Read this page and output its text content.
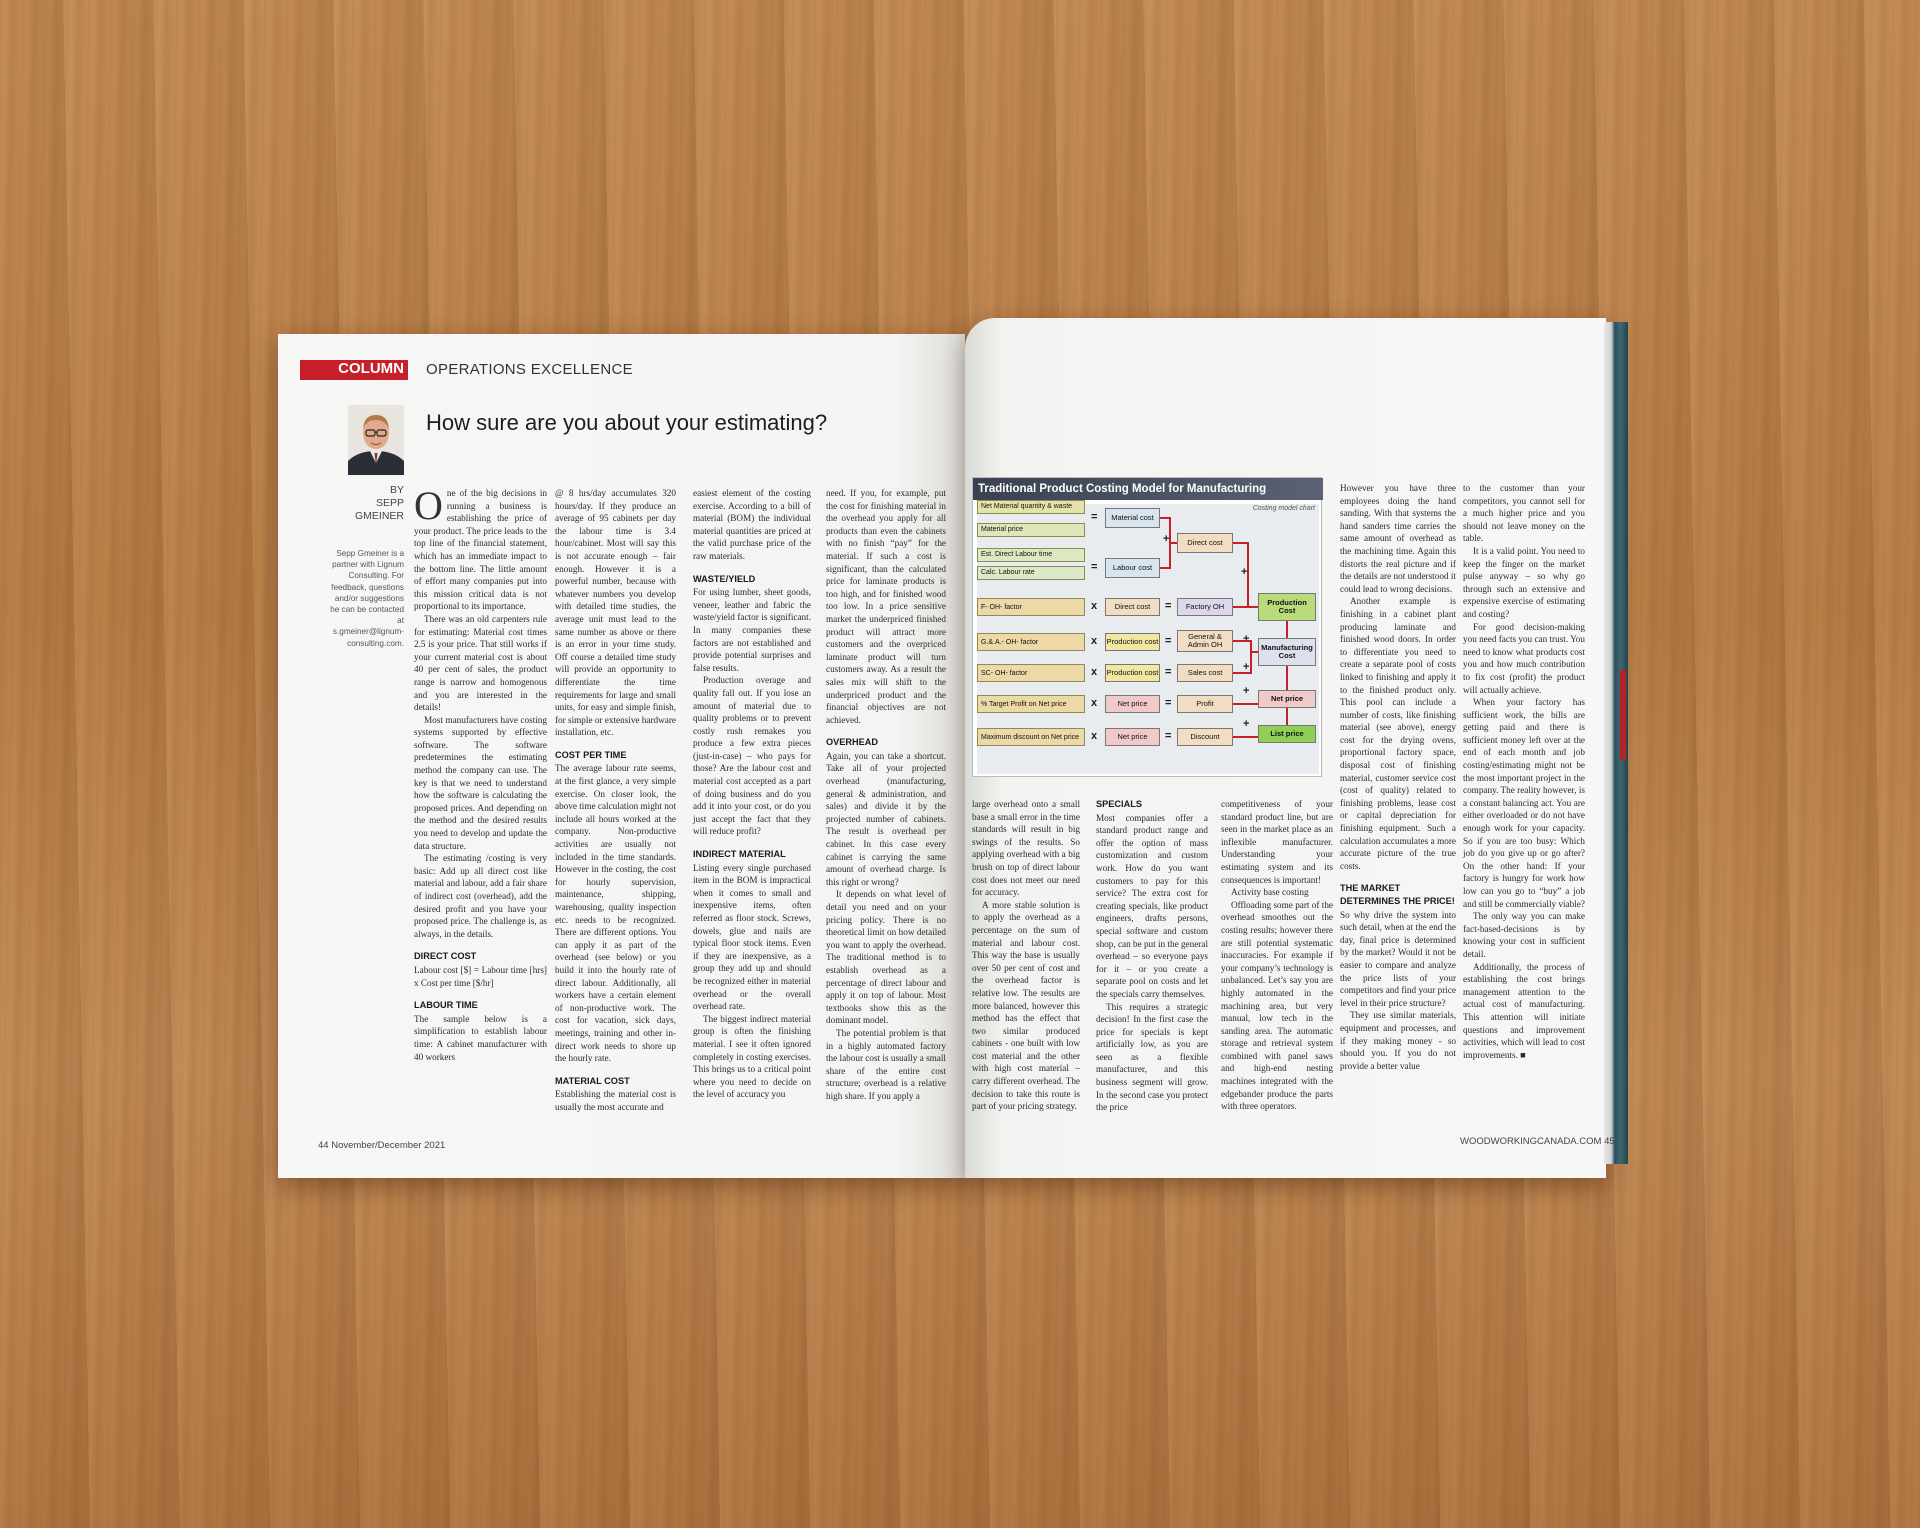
COLUMN OPERATIONS EXCELLENCE
How sure are you about your estimating?
BY
SEPP
GMEINER
Sepp Gmeiner is a partner with Lignum Consulting. For feedback, questions and/or suggestions he can be contacted at s.gmeiner@lignum-consulting.com.

One of the big decisions in running a business is establishing the price of your product. The price leads to the top line of the financial statement, which has an immediate impact to the bottom line. The little amount of effort many companies put into this mission critical data is not proportional to its importance.

There was an old carpenters rule for estimating: Material cost times 2.5 is your price. That still works if your current material cost is about 40 per cent of sales, the product range is narrow and homogenous and you are interested in the details!

Most manufacturers have costing systems supported by effective software. The software predetermines the estimating method the company can use. The key is that we need to understand how the software is calculating the proposed prices. And depending on the method and the desired results you need to develop and update the data structure.

The estimating /costing is very basic: Add up all direct cost like material and labour, add a fair share of indirect cost (overhead), add the desired profit and you have your proposed price. The challenge is, as always, in the details.

DIRECT COST

Labour cost [$] = Labour time [hrs] x Cost per time [$/hr]

LABOUR TIME

The sample below is a simplification to establish labour time: A cabinet manufacturer with 40 workers

@ 8 hrs/day accumulates 320 hours/day. If they produce an average of 95 cabinets per day the labour time is 3.4 hour/cabinet. Most will say this is not accurate enough – fair enough. However it is a powerful number, because with whatever numbers you develop with detailed time studies, the average unit must lead to the same number as above or there is an error in your time study. Off course a detailed time study will provide an opportunity to differentiate the time requirements for large and small units, for easy and simple finish, for simple or extensive hardware installation, etc.

COST PER TIME

The average labour rate seems, at the first glance, a very simple exercise. On closer look, the above time calculation might not include all hours worked at the company. Non-productive activities are usually not included in the time standards. However in the costing, the cost for hourly supervision, maintenance, shipping, warehousing, quality inspection etc. needs to be recognized. There are different options. You can apply it as part of the overhead (see below) or you build it into the hourly rate of direct labour. Additionally, all workers have a certain element of non-productive work. The cost for vacation, sick days, meetings, training and other in-direct work needs to shore up the hourly rate.

MATERIAL COST

Establishing the material cost is usually the most accurate and

easiest element of the costing exercise. According to a bill of material (BOM) the individual material quantities are priced at the valid purchase price of the raw materials.

WASTE/YIELD

For using lumber, sheet goods, veneer, leather and fabric the waste/yield factor is significant. In many companies these factors are not established and provide potential surprises and false results.

Production overage and quality fall out. If you lose an amount of material due to quality problems or to prevent costly rush remakes you produce a few extra pieces (just-in-case) – who pays for those? Are the labour cost and material cost accepted as a part of doing business and do you add it into your cost, or do you just accept the fact that they will reduce profit?

INDIRECT MATERIAL

Listing every single purchased item in the BOM is impractical when it comes to small and inexpensive items, often referred as floor stock. Screws, dowels, glue and nails are typical floor stock items. Even if they are inexpensive, as a group they add up and should be recognized either in material overhead or the overall overhead rate.

The biggest indirect material group is often the finishing material. I see it often ignored completely in costing exercises. This brings us to a critical point where you need to decide on the level of accuracy you

need. If you, for example, put the cost for finishing material in the overhead you apply for all products than even the cabinets with no finish “pay” for the material. If such a cost is significant, than the calculated price for laminate products is too high, and for finished wood too low. In a price sensitive market the underpriced finished product will attract more customers and the overpriced laminate product will turn customers away. As a result the sales mix will shift to the underpriced product and the financial objectives are not achieved.

OVERHEAD

Again, you can take a shortcut. Take all of your projected overhead (manufacturing, general & administration, and sales) and divide it by the projected number of cabinets. The result is overhead per cabinet. In this case every cabinet is carrying the same amount of overhead charge. Is this right or wrong?

It depends on what level of detail you need and on your pricing policy. There is no theoretical limit on how detailed you want to apply the overhead. The traditional method is to establish overhead as a percentage of direct labour and apply it on top of labour. Most textbooks show this as the dominant model.

The potential problem is that in a highly automated factory the labour cost is usually a small share of the entire cost structure; overhead is a relative high share. If you apply a

44 November/December 2021
Traditional Product Costing Model for Manufacturing
Costing model chart
Net Material quantity & waste
Material price
Est. Direct Labour time
Calc. Labour rate
F- OH- factor
G.&.A.- OH- factor
SC- OH- factor
% Target Profit on Net price
Maximum discount on Net price
Material cost
Labour cost
Direct cost
Direct cost	Factory OH
Production cost
General & Admin OH
Production cost	Sales cost
Net price	Profit
Net price	Discount
Production Cost
Manufacturing Cost
Net price
List price
=
=
+
+
x	=
x	=
x	=
x	=
x	=
+
+
+
+

large overhead onto a small base a small error in the time standards will result in big swings of the results. So applying overhead with a big brush on top of direct labour cost does not meet our need for accuracy.

A more stable solution is to apply the overhead as a percentage on the sum of material and labour cost. This way the base is usually over 50 per cent of cost and the overhead factor is relative low. The results are more balanced, however this method has the effect that two similar produced cabinets - one built with low cost material and the other with high cost material – carry different overhead. The decision to take this route is part of your pricing strategy.

SPECIALS

Most companies offer a standard product range and offer the option of mass customization and custom work. How do you want customers to pay for this service? The extra cost for creating specials, like product engineers, drafts persons, special software and custom shop, can be put in the general overhead – so everyone pays for it – or you create a separate pool on costs and let the specials carry themselves.

This requires a strategic decision! In the first case the price for specials is kept artificially low, as you are seen as a flexible manufacturer, and this business segment will grow. In the second case you protect the price

competitiveness of your standard product line, but are seen in the market place as an inflexible manufacturer. Understanding your estimating system and its consequences is important!

Activity base costing

Offloading some part of the overhead smoothes out the costing results; however there are still potential systematic inaccuracies. For example if your company’s technology is unbalanced. Let’s say you are highly automated in the machining area, but very manual, low tech in the sanding area. The automatic storage and retrieval system combined with panel saws and high-end nesting machines integrated with the edgebander produce the parts with three operators.

However you have three employees doing the hand sanding. With that systems the hand sanders time carries the same amount of overhead as the machining time. Again this distorts the real picture and if the details are not understood it could lead to wrong decisions.

Another example is finishing in a cabinet plant producing laminate and finished wood doors. In order to differentiate you need to create a separate pool of costs linked to finishing and apply it to the finished product only. This pool can include a number of costs, like finishing material (see above), energy cost for the drying ovens, proportional factory space, disposal cost of finishing material, customer service cost (cost of quality) related to finishing problems, lease cost or capital depreciation for finishing equipment. Such a calculation accumulates a more accurate picture of the true costs.

THE MARKET DETERMINES THE PRICE!

So why drive the system into such detail, when at the end the day, final price is determined by the market? Would it not be easier to compare and analyze the price lists of your competitors and find your price level in their price structure?

They use similar materials, equipment and processes, and if they making money - so should you. If you do not provide a better value

to the customer than your competitors, you cannot sell for a much higher price and you should not leave money on the table.

It is a valid point. You need to keep the finger on the market pulse anyway – so why go through such an extensive and expensive exercise of estimating and costing?

For good decision-making you need facts you can trust. You need to know what products cost you and how much contribution to fix cost (profit) the product will actually achieve.

When your factory has sufficient work, the bills are getting paid and there is sufficient money left over at the end of each month and job costing/estimating might not be the most important project in the company. The reality however, is a constant balancing act. You are either overloaded or do not have enough work for your capacity. So if you are too busy: Which job do you give up or go after? On the other hand: If your factory is hungry for work how low can you go to “buy” a job and still be commercially viable?

The only way you can make fact-based-decisions is by knowing your cost in sufficient detail.

Additionally, the process of establishing the cost brings management attention to the actual cost of manufacturing. This attention will initiate questions and improvement activities, which will lead to cost improvements. ■

WOODWORKINGCANADA.COM 45
